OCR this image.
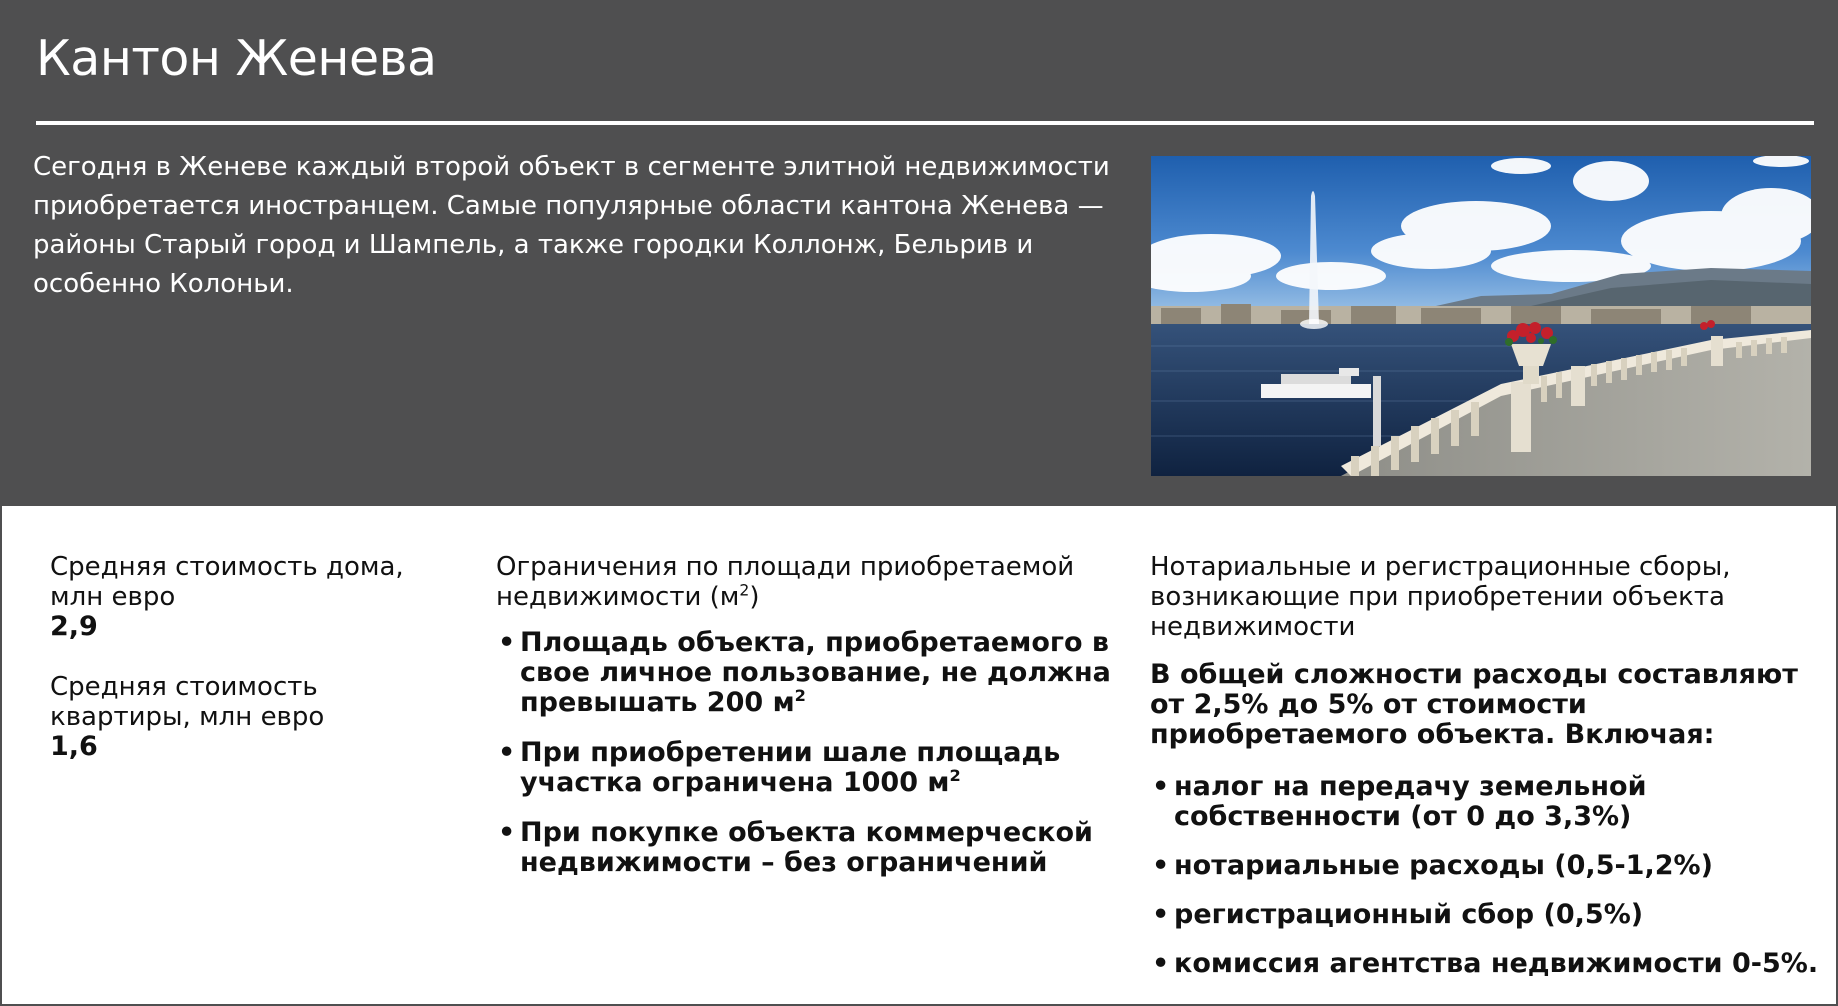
Кантон Женева

Сегодня в Женеве каждый второй объект в сегменте элитной недвижимости приобретается иностранцем. Самые популярные области кантона Женева — районы Старый город и Шампель, а также городки Коллонж, Бельрив и особенно Колоньи.

Средняя стоимость дома, млн евро

2,9

Средняя стоимость квартиры, млн евро

1,6

Ограничения по площади приобретаемой недвижимости $(м^2)$

• Площадь объекта, приобретаемого в свое личное пользование, не должна превышать 200 $м^2$
• При приобретении шале площадь участка ограничена 1000 $м^2$
• При покупке объекта коммерческой недвижимости – без ограничений

Нотариальные и регистрационные сборы, возникающие при приобретении объекта недвижимости

В общей сложности расходы составляют от 2,5% до 5% от стоимости приобретаемого объекта. Включая:

• налог на передачу земельной собственности (от 0 до 3,3%)
• нотариальные расходы (0,5-1,2%)
• регистрационный сбор (0,5%)
• комиссия агентства недвижимости 0-5%.
